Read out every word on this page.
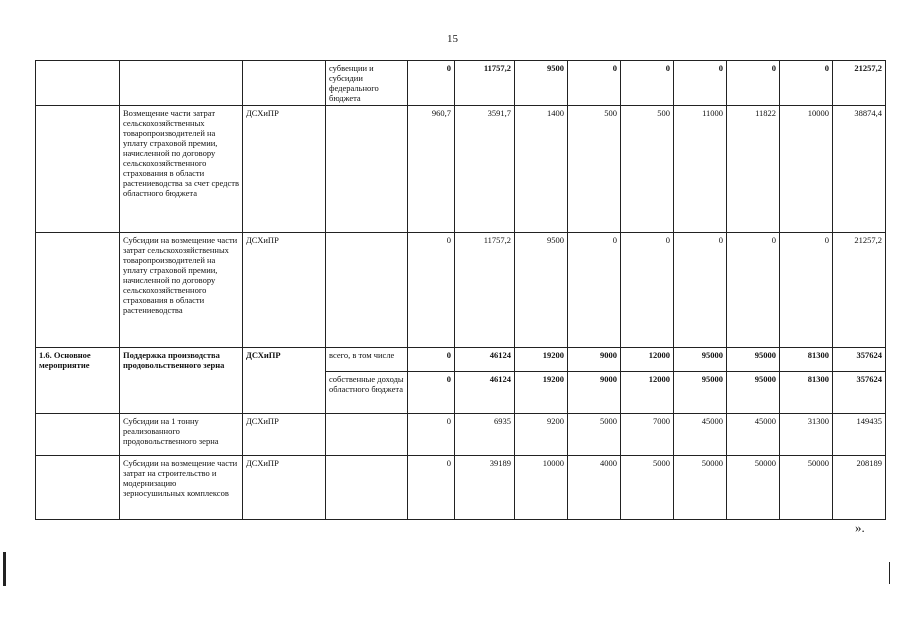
15
			субвенции и субсидии федерального бюджета	0	11757,2	9500	0	0	0	0	0	21257,2
	Возмещение части затрат сельскохозяйственных товаропроизводителей на уплату страховой премии, начисленной по договору сельскохозяйственного страхования в области растениеводства за счет средств областного бюджета	ДСХиПР		960,7	3591,7	1400	500	500	11000	11822	10000	38874,4
	Субсидии на возмещение части затрат сельскохозяйственных товаропроизводителей на уплату страховой премии, начисленной по договору сельскохозяйственного страхования в области растениеводства	ДСХиПР		0	11757,2	9500	0	0	0	0	0	21257,2
1.6. Основное мероприятие	Поддержка производства продовольственного зерна	ДСХиПР	всего, в том числе	0	46124	19200	9000	12000	95000	95000	81300	357624
			собственные доходы областного бюджета	0	46124	19200	9000	12000	95000	95000	81300	357624
	Субсидии на 1 тонну реализованного продовольственного зерна	ДСХиПР		0	6935	9200	5000	7000	45000	45000	31300	149435
	Субсидии на возмещение части затрат на строительство и модернизацию зерносушильных комплексов	ДСХиПР		0	39189	10000	4000	5000	50000	50000	50000	208189
».
